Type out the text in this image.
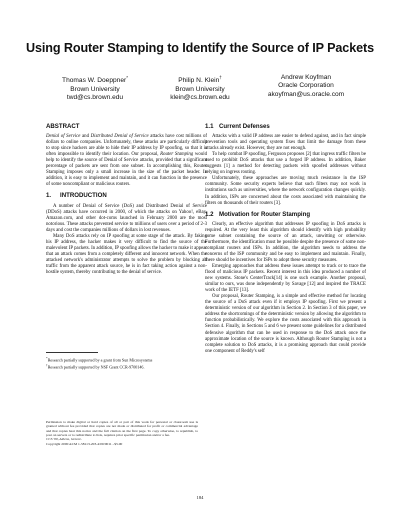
Using Router Stamping to Identify the Source of IP Packets
Thomas W. Doeppner*
Brown University
twd@cs.brown.edu
Philip N. Klein†
Brown University
klein@cs.brown.edu
Andrew Koyfman
Oracle Corporation
akoyfman@us.oracle.com
ABSTRACT

Denial of Service and Distributed Denial of Service attacks have cost millions of dollars to online companies. Unfortunately, these attacks are particularly difficult to stop since hackers are able to hide their IP address by IP spoofing, so that it is often impossible to identify their location. Our proposal, Router Stamping would help to identify the source of Denial of Service attacks, provided that a significant percentage of packets are sent from one subnet. In accomplishing this, Router Stamping imposes only a small increase in the size of the packet header. In addition, it is easy to implement and maintain, and it can function in the presence of some noncompliant or malicious routers.

1. INTRODUCTION

A number of Denial of Service (DoS) and Distributed Denial of Service (DDoS) attacks have occurred in 2000, of which the attacks on Yahoo!, eBay, Amazon.com, and other dot-coms launched in February 2000 are the most notorious. These attacks prevented service to millions of users over a period of 2-3 days and cost the companies millions of dollars in lost revenues.

Many DoS attacks rely on IP spoofing at some stage of the attack. By faking his IP address, the hacker makes it very difficult to find the source of the malevolent IP packets. In addition, IP spoofing allows the hacker to make it appear that an attack comes from a completely different and innocent network. When the attacked network's administrator attempts to solve the problem by blocking all traffic from the apparent attack source, he is in fact taking action against a non-hostile system, thereby contributing to the denial of service.

*Research partially supported by a grant from Sun Microsystems
†Research partially supported by NSF Grant CCR-9700146.
Permission to make digital or hard copies of all or part of this work for personal or classroom use is granted without fee provided that copies are not made or distributed for profit or commercial advantage and that copies bear this notice and the full citation on the first page. To copy otherwise, to republish, to post on servers or to redistribute to lists, requires prior specific permission and/or a fee.
CCS '00, Athens, Greece.
Copyright 2000 ACM 1-58113-203-4/00/0011 ..$5.00
1.1 Current Defenses

Attacks with a valid IP address are easier to defend against, and in fact simple prevention tools and operating system fixes that limit the damage from these attacks already exist. However, they are not enough.

To help combat IP spoofing, Ferguson proposes [2] that ingress traffic filters be used to prohibit DoS attacks that use a forged IP address. In addition, Baker suggests [1] a method for detecting packets with spoofed addresses without relying on ingress routing.

Unfortunately, these approaches are moving much resistance in the ISP community. Some security experts believe that such filters may not work in institutions such as universities, where the network configuration changes quickly. In addition, ISPs are concerned about the costs associated with maintaining the filters on thousands of their routers [3].

1.2 Motivation for Router Stamping

Clearly, an effective algorithm that addresses IP spoofing in DoS attacks is required. At the very least this algorithm should identify with high probability some subnet containing the source of an attack, unwitting or otherwise. Furthermore, the identification must be possible despite the presence of some non-compliant routers and ISPs. In addition, the algorithm needs to address the concerns of the ISP community and be easy to implement and maintain. Finally, there should be incentives for ISPs to adopt these security measures.

Emerging approaches that address these issues attempt to track or to trace the flood of malicious IP packets. Recent interest in this idea produced a number of new systems. Stone's CenterTrack[14] is one such example. Another proposal, similar to ours, was done independently by Savage [12] and inspired the TRACE work of the IETF [13].

Our proposal, Router Stamping, is a simple and effective method for locating the source of a DoS attack even if it employs IP spoofing. First we present a deterministic version of our algorithm in Section 2. In Section 3 of this paper, we address the shortcomings of the deterministic version by allowing the algorithm to function probabilistically. We explore the costs associated with this approach in Section 4. Finally, in Sections 5 and 6 we present some guidelines for a distributed defensive algorithm that can be used in response to the DoS attack once the approximate location of the source is known. Although Router Stamping is not a complete solution to DoS attacks, it is a promising approach that could provide one component of Reddy's self

184
